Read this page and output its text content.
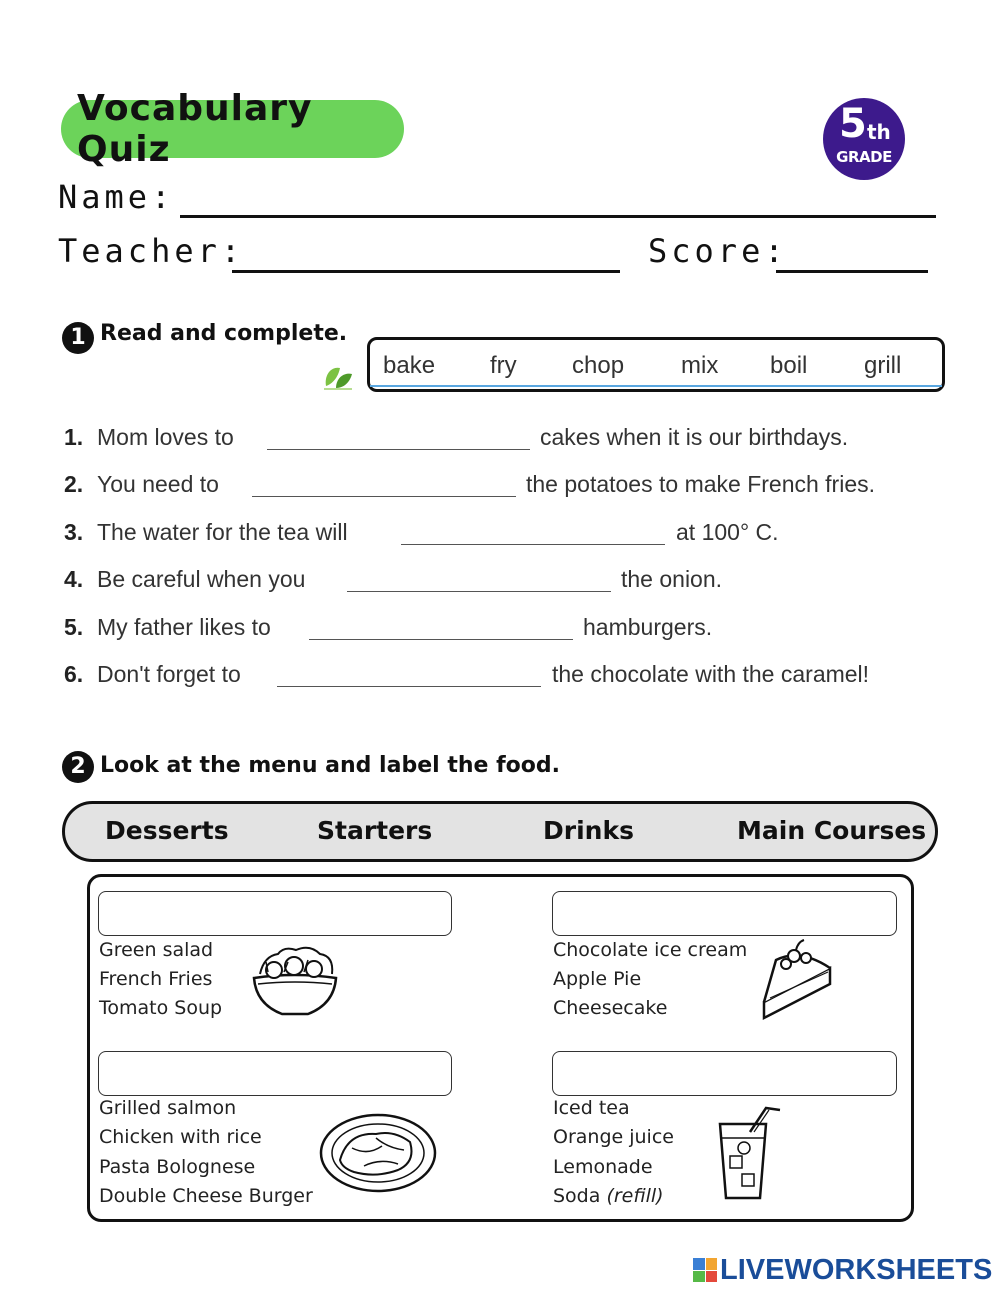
Vocabulary Quiz
5 th
GRADE
Name:
Teacher:	Score:
1 Read and complete.
bake fry chop mix boil grill
1. Mom loves to	cakes when it is our birthdays.
2. You need to	the potatoes to make French fries.
3. The water for the tea will	at 100° C.
4. Be careful when you	the onion.
5. My father likes to	hamburgers.
6. Don't forget to	the chocolate with the caramel!
2 Look at the menu and label the food.
Desserts	Starters	Drinks	Main Courses
Green salad
French Fries
Tomato Soup
Chocolate ice cream
Apple Pie
Cheesecake
Grilled salmon
Chicken with rice
Pasta Bolognese
Double Cheese Burger
Iced tea
Orange juice
Lemonade
Soda (refill)
LIVEWORKSHEETS
